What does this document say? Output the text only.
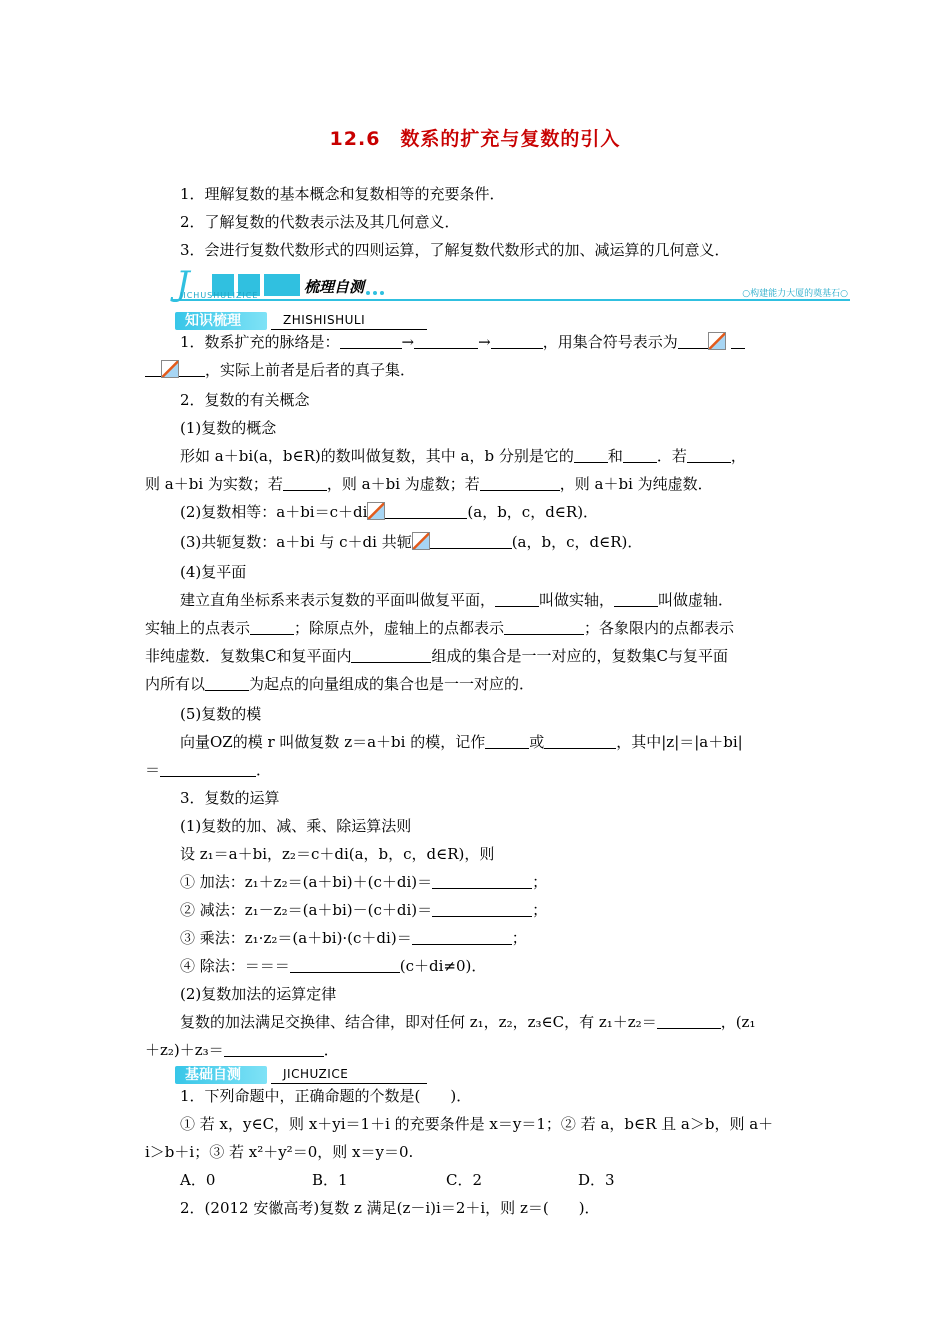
12.6　数系的扩充与复数的引入
1．理解复数的基本概念和复数相等的充要条件．
2．了解复数的代数表示法及其几何意义．
3．会进行复数代数形式的四则运算，了解复数代数形式的加、减运算的几何意义．
J
JICHUSHULIZICE	梳理自测	○构建能力大厦的奠基石○
知识梳理	ZHISHISHULI
1．数系扩充的脉络是：	→	→	，用集合符号表示为
，实际上前者是后者的真子集．
2．复数的有关概念
(1)复数的概念
形如 a＋bi(a，b∈R)的数叫做复数，其中 a，b 分别是它的 和 ．若	，
则 a＋bi 为实数；若	，则 a＋bi 为虚数；若	，则 a＋bi 为纯虚数．
(2)复数相等：a＋bi＝c＋di	(a，b，c，d∈R)．
(3)共轭复数：a＋bi 与 c＋di 共轭	(a，b，c，d∈R)．
(4)复平面
建立直角坐标系来表示复数的平面叫做复平面，	叫做实轴，	叫做虚轴．
实轴上的点表示	；除原点外，虚轴上的点都表示	；各象限内的点都表示
非纯虚数．复数集C和复平面内	组成的集合是一一对应的，复数集C与复平面
内所有以	为起点的向量组成的集合也是一一对应的．
(5)复数的模
向量OZ的模 r 叫做复数 z＝a＋bi 的模，记作	或	，其中|z|＝|a＋bi|
＝	．
3．复数的运算
(1)复数的加、减、乘、除运算法则
设 z₁＝a＋bi，z₂＝c＋di(a，b，c，d∈R)，则
① 加法：z₁＋z₂＝(a＋bi)＋(c＋di)＝	；
② 减法：z₁－z₂＝(a＋bi)－(c＋di)＝	；
③ 乘法：z₁·z₂＝(a＋bi)·(c＋di)＝	；
④ 除法：＝＝＝	(c＋di≠0)．
(2)复数加法的运算定律
复数的加法满足交换律、结合律，即对任何 z₁，z₂，z₃∈C，有 z₁＋z₂＝	，(z₁
＋z₂)＋z₃＝	．
基础自测	JICHUZICE
1．下列命题中，正确命题的个数是(　　)．
① 若 x，y∈C，则 x＋yi＝1＋i 的充要条件是 x＝y＝1；② 若 a，b∈R 且 a＞b，则 a＋
i＞b＋i；③ 若 x²＋y²＝0，则 x＝y＝0.
A．0	B．1	C．2	D．3
2．(2012 安徽高考)复数 z 满足(z－i)i＝2＋i，则 z＝(　　)．
